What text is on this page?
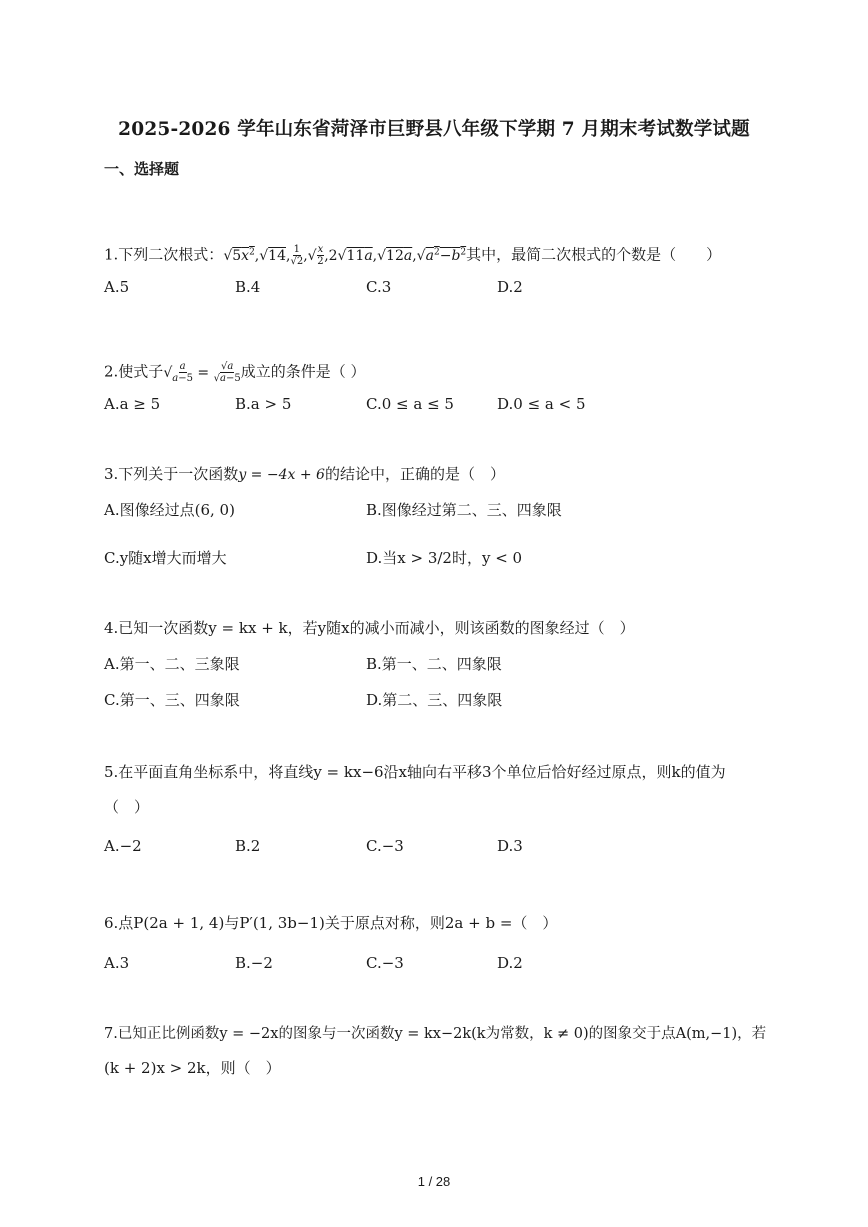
2025-2026 学年山东省菏泽市巨野县八年级下学期 7 月期末考试数学试题
一、选择题
1.下列二次根式：$√5x^2,√14$, $\frac{1}{√2}$ ,√ $\frac{x}{2} ,2√11a,√12a,√a^2-b^2$其中，最简二次根式的个数是（　　）
A.5	B.4	C.3	D.2
2.使式子√ $\frac{a}{a-5} = \frac{√a}{√a-5}$ 成立的条件是（ ）
A.a ≥ 5	B.a > 5	C.0 ≤ a ≤ 5	D.0 ≤ a < 5
3.下列关于一次函数y = −4x + 6的结论中，正确的是（　）
A.图像经过点(6, 0)	B.图像经过第二、三、四象限
C.y随x增大而增大	D.当x > 3/2时，y < 0
4.已知一次函数y = kx + k，若y随x的减小而减小，则该函数的图象经过（　）
A.第一、二、三象限	B.第一、二、四象限
C.第一、三、四象限	D.第二、三、四象限
5.在平面直角坐标系中，将直线y = kx−6沿x轴向右平移3个单位后恰好经过原点，则k的值为
（　）
A.−2	B.2	C.−3	D.3
6.点P(2a + 1, 4)与P′(1, 3b−1)关于原点对称，则2a + b =（　）
A.3	B.−2	C.−3	D.2
7.已知正比例函数y = −2x的图象与一次函数y = kx−2k(k为常数，k ≠ 0)的图象交于点A(m,−1)，若
(k + 2)x > 2k，则（　）
1 / 28
